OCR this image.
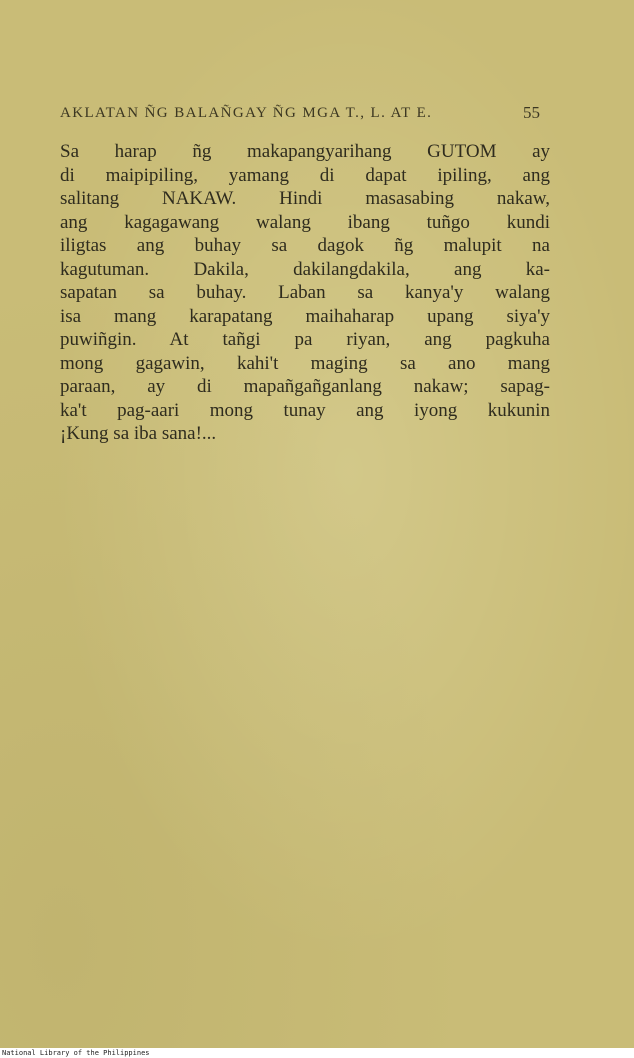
AKLATAN ÑG BALAÑGAY ÑG MGA T., L. AT E.	55
Sa harap ñg makapangyarihang GUTOM ay
di maipipiling, yamang di dapat ipiling, ang
salitang NAKAW. Hindi masasabing nakaw,
ang kagagawang walang ibang tuñgo kundi
iligtas ang buhay sa dagok ñg malupit na
kagutuman. Dakila, dakilangdakila, ang ka-
sapatan sa buhay. Laban sa kanya'y walang
isa mang karapatang maihaharap upang siya'y
puwiñgin. At tañgi pa riyan, ang pagkuha
mong gagawin, kahi't maging sa ano mang
paraan, ay di mapañgañganlang nakaw; sapag-
ka't pag-aari mong tunay ang iyong kukunin
¡Kung sa iba sana!...
National Library of the Philippines
